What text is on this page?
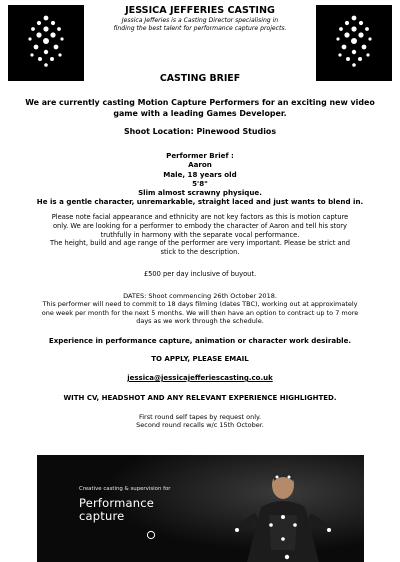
JESSICA JEFFERIES CASTING
Jessica Jefferies is a Casting Director specialising in
finding the best talent for performance capture projects.
CASTING BRIEF
We are currently casting Motion Capture Performers for an exciting new video
game with a leading Games Developer.
Shoot Location: Pinewood Studios
Performer Brief :
Aaron
Male, 18 years old
5'8"
Slim almost scrawny physique.
He is a gentle character, unremarkable, straight laced and just wants to blend in.
Please note facial appearance and ethnicity are not key factors as this is motion capture
only. We are looking for a performer to embody the character of Aaron and tell his story
truthfully in harmony with the separate vocal performance.
The height, build and age range of the performer are very important. Please be strict and
stick to the description.
£500 per day inclusive of buyout.
DATES: Shoot commencing 26th October 2018.
This performer will need to commit to 18 days filming (dates TBC), working out at approximately
one week per month for the next 5 months. We will then have an option to contract up to 7 more
days as we work through the schedule.
Experience in performance capture, animation or character work desirable.
TO APPLY, PLEASE EMAIL
jessica@jessicajefferiescasting.co.uk
WITH CV, HEADSHOT AND ANY RELEVANT EXPERIENCE HIGHLIGHTED.
First round self tapes by request only.
Second round recalls w/c 15th October.
Creative casting & supervision for
Performance
capture
